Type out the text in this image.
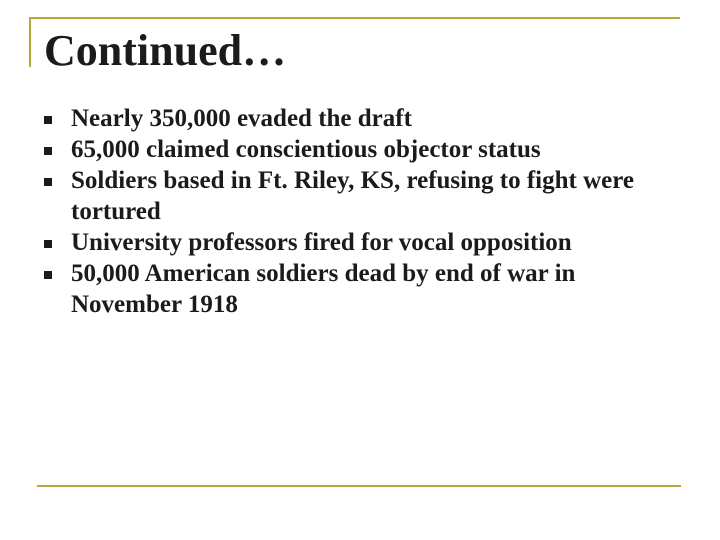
Continued…
Nearly 350,000 evaded the draft
65,000 claimed conscientious objector status
Soldiers based in Ft. Riley, KS, refusing to fight were tortured
University professors fired for vocal opposition
50,000 American soldiers dead by end of war in November 1918
